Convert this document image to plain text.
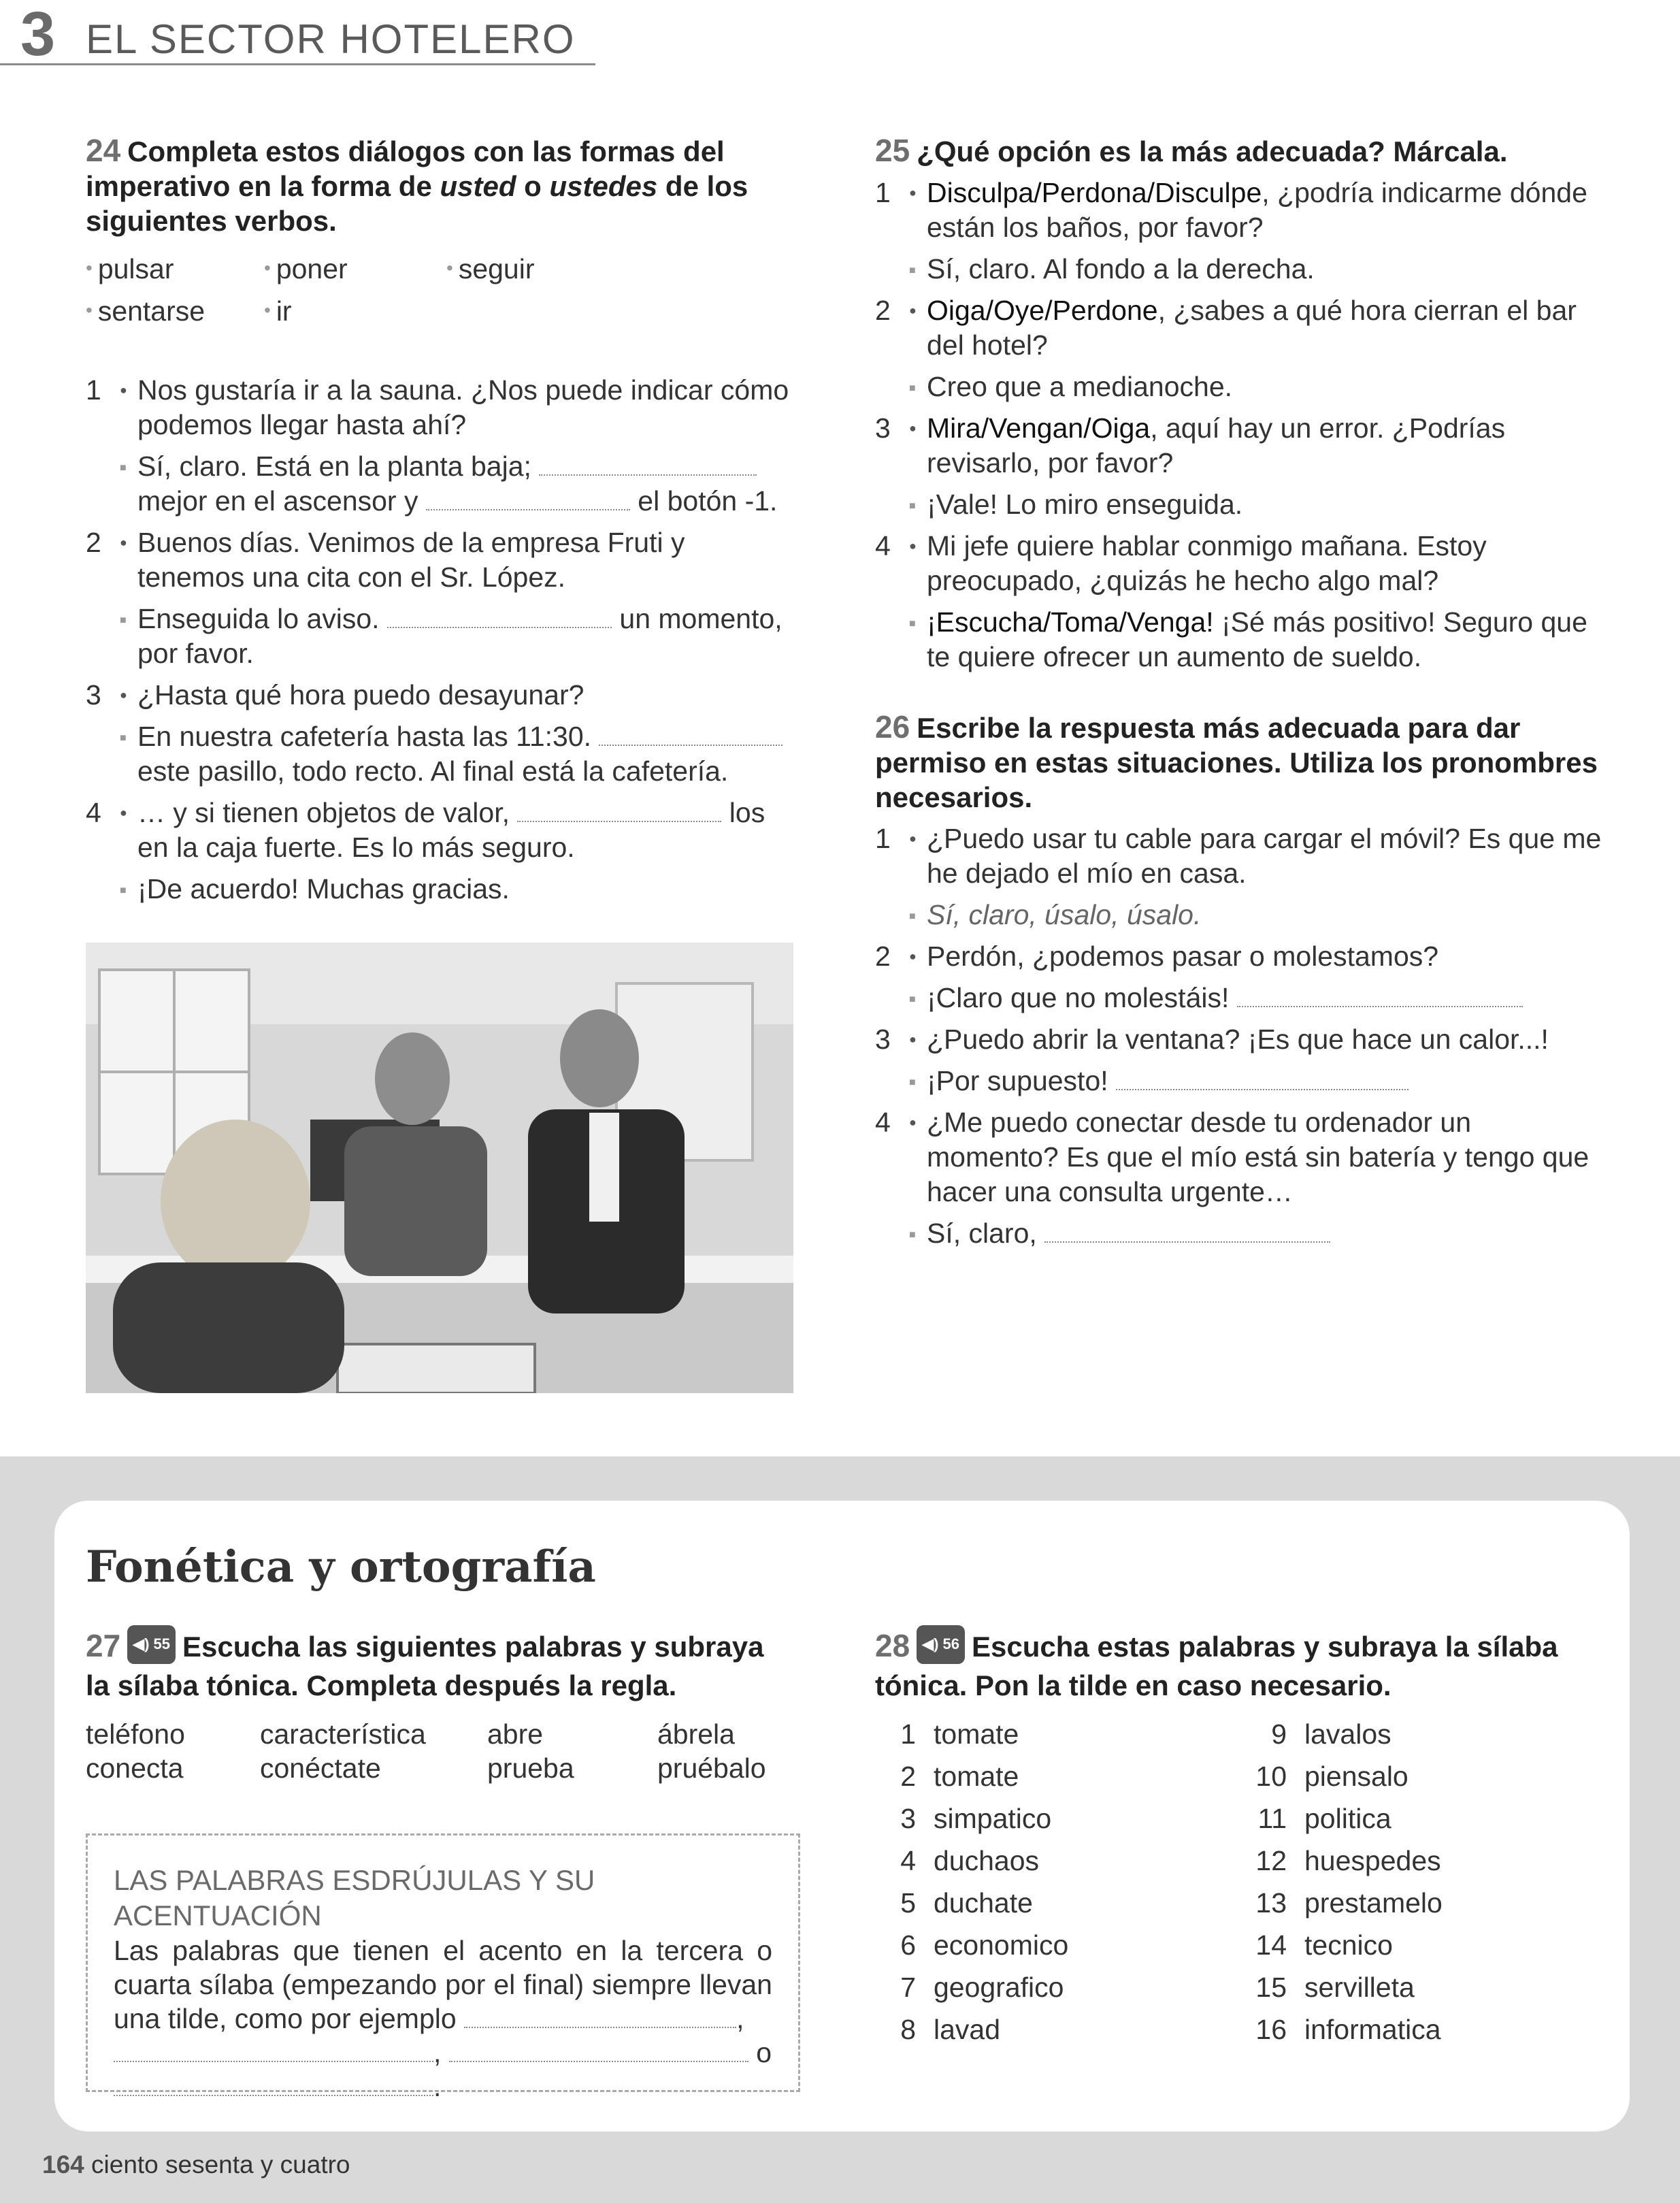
3 EL SECTOR HOTELERO
24 Completa estos diálogos con las formas del imperativo en la forma de usted o ustedes de los siguientes verbos.
• pulsar	• poner	• seguir
• sentarse	• ir
1	● Nos gustaría ir a la sauna. ¿Nos puede indicar cómo podemos llegar hasta ahí?
■ Sí, claro. Está en la planta baja;
mejor en el ascensor y	el botón -1.
2	● Buenos días. Venimos de la empresa Fruti y tenemos una cita con el Sr. López.
■ Enseguida lo aviso.	un momento,
por favor.
3	● ¿Hasta qué hora puedo desayunar?
■ En nuestra cafetería hasta las 11:30.
este pasillo, todo recto. Al final está la cafetería.
4	● … y si tienen objetos de valor,	los
en la caja fuerte. Es lo más seguro.
■ ¡De acuerdo! Muchas gracias.
25 ¿Qué opción es la más adecuada? Márcala.
1	● Disculpa/Perdona/Disculpe, ¿podría indicarme dónde están los baños, por favor?
■ Sí, claro. Al fondo a la derecha.
2	● Oiga/Oye/Perdone, ¿sabes a qué hora cierran el bar del hotel?
■ Creo que a medianoche.
3	● Mira/Vengan/Oiga, aquí hay un error. ¿Podrías revisarlo, por favor?
■ ¡Vale! Lo miro enseguida.
4	● Mi jefe quiere hablar conmigo mañana. Estoy preocupado, ¿quizás he hecho algo mal?
■ ¡Escucha/Toma/Venga! ¡Sé más positivo! Seguro que te quiere ofrecer un aumento de sueldo.
26 Escribe la respuesta más adecuada para dar permiso en estas situaciones. Utiliza los pronombres necesarios.
1	● ¿Puedo usar tu cable para cargar el móvil? Es que me he dejado el mío en casa.
■ Sí, claro, úsalo, úsalo.
2	● Perdón, ¿podemos pasar o molestamos?
■ ¡Claro que no molestáis!
3	● ¿Puedo abrir la ventana? ¡Es que hace un calor...!
■ ¡Por supuesto!
4	● ¿Me puedo conectar desde tu ordenador un momento? Es que el mío está sin batería y tengo que hacer una consulta urgente…
■ Sí, claro,
Fonética y ortografía
27 ◀) 55 Escucha las siguientes palabras y subraya la sílaba tónica. Completa después la regla.
teléfono	característica abre	ábrela
conecta	conéctate	prueba	pruébalo
LAS PALABRAS ESDRÚJULAS Y SU ACENTUACIÓN
Las palabras que tienen el acento en la tercera o cuarta sílaba (empezando por el final) siempre llevan una tilde, como por ejemplo	,
,	o
.
28 ◀) 56 Escucha estas palabras y subraya la sílaba tónica. Pon la tilde en caso necesario.
1 tomate
2 tomate
3 simpatico
4 duchaos
5 duchate
6 economico
7 geografico
8 lavad
9 lavalos
10 piensalo
11 politica
12 huespedes
13 prestamelo
14 tecnico
15 servilleta
16 informatica
164 ciento sesenta y cuatro
